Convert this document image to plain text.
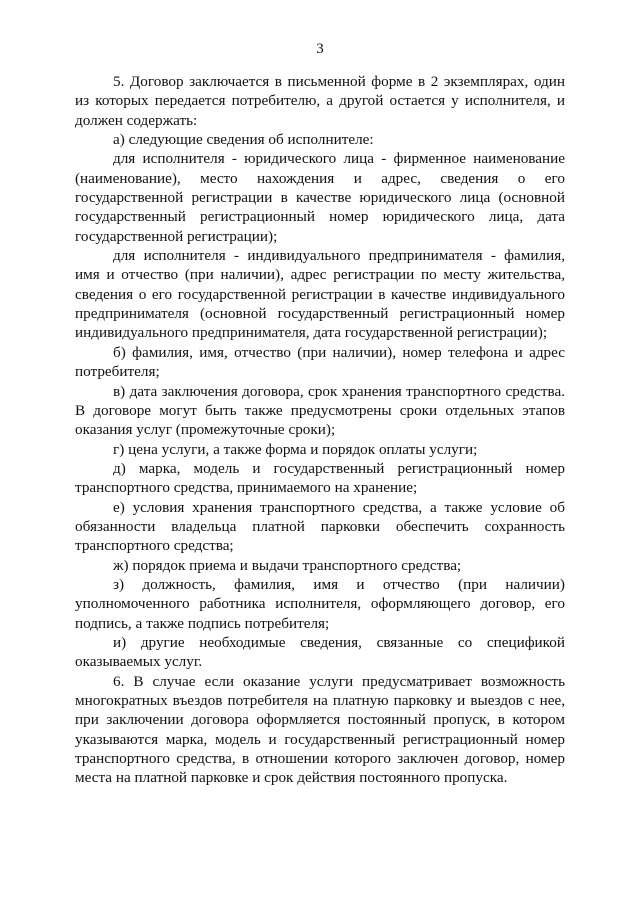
3

5. Договор заключается в письменной форме в 2 экземплярах, один из которых передается потребителю, а другой остается у исполнителя, и должен содержать:

а) следующие сведения об исполнителе:

для исполнителя - юридического лица - фирменное наименование (наименование), место нахождения и адрес, сведения о его государственной регистрации в качестве юридического лица (основной государственный регистрационный номер юридического лица, дата государственной регистрации);

для исполнителя - индивидуального предпринимателя - фамилия, имя и отчество (при наличии), адрес регистрации по месту жительства, сведения о его государственной регистрации в качестве индивидуального предпринимателя (основной государственный регистрационный номер индивидуального предпринимателя, дата государственной регистрации);

б) фамилия, имя, отчество (при наличии), номер телефона и адрес потребителя;

в) дата заключения договора, срок хранения транспортного средства. В договоре могут быть также предусмотрены сроки отдельных этапов оказания услуг (промежуточные сроки);

г) цена услуги, а также форма и порядок оплаты услуги;

д) марка, модель и государственный регистрационный номер транспортного средства, принимаемого на хранение;

е) условия хранения транспортного средства, а также условие об обязанности владельца платной парковки обеспечить сохранность транспортного средства;

ж) порядок приема и выдачи транспортного средства;

з) должность, фамилия, имя и отчество (при наличии) уполномоченного работника исполнителя, оформляющего договор, его подпись, а также подпись потребителя;

и) другие необходимые сведения, связанные со спецификой оказываемых услуг.

6. В случае если оказание услуги предусматривает возможность многократных въездов потребителя на платную парковку и выездов с нее, при заключении договора оформляется постоянный пропуск, в котором указываются марка, модель и государственный регистрационный номер транспортного средства, в отношении которого заключен договор, номер места на платной парковке и срок действия постоянного пропуска.
